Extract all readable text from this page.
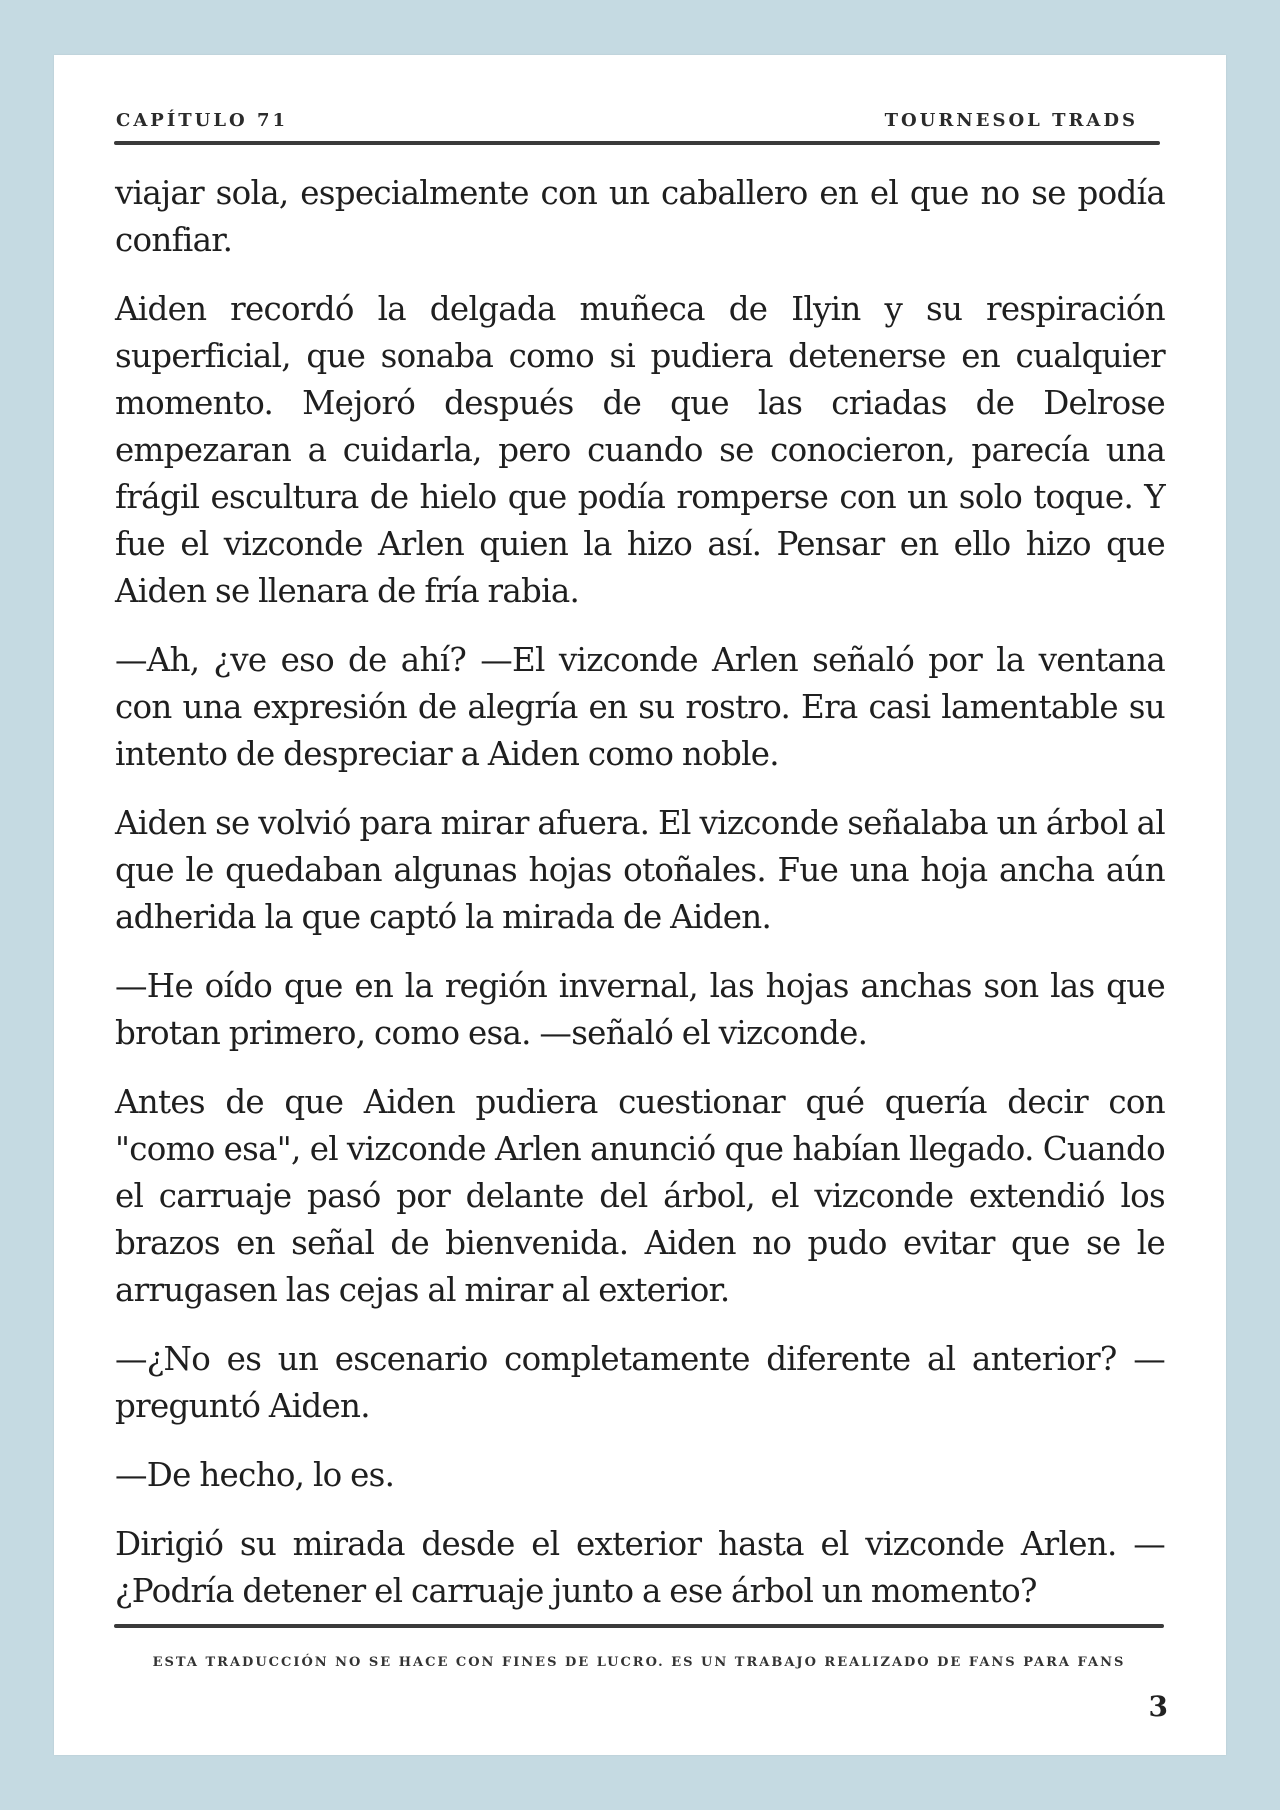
CAPÍTULO 71	TOURNESOL TRADS

viajar sola, especialmente con un caballero en el que no se podía confiar.

Aiden recordó la delgada muñeca de Ilyin y su respiración superficial, que sonaba como si pudiera detenerse en cualquier momento. Mejoró después de que las criadas de Delrose empezaran a cuidarla, pero cuando se conocieron, parecía una frágil escultura de hielo que podía romperse con un solo toque. Y fue el vizconde Arlen quien la hizo así. Pensar en ello hizo que Aiden se llenara de fría rabia.

—Ah, ¿ve eso de ahí? —El vizconde Arlen señaló por la ventana con una expresión de alegría en su rostro. Era casi lamentable su intento de despreciar a Aiden como noble.

Aiden se volvió para mirar afuera. El vizconde señalaba un árbol al que le quedaban algunas hojas otoñales. Fue una hoja ancha aún adherida la que captó la mirada de Aiden.

—He oído que en la región invernal, las hojas anchas son las que brotan primero, como esa. —señaló el vizconde.

Antes de que Aiden pudiera cuestionar qué quería decir con "como esa", el vizconde Arlen anunció que habían llegado. Cuando el carruaje pasó por delante del árbol, el vizconde extendió los brazos en señal de bienvenida. Aiden no pudo evitar que se le arrugasen las cejas al mirar al exterior.

—¿No es un escenario completamente diferente al anterior? —preguntó Aiden.

—De hecho, lo es.

Dirigió su mirada desde el exterior hasta el vizconde Arlen. —¿Podría detener el carruaje junto a ese árbol un momento?

ESTA TRADUCCIÓN NO SE HACE CON FINES DE LUCRO. ES UN TRABAJO REALIZADO DE FANS PARA FANS
3
